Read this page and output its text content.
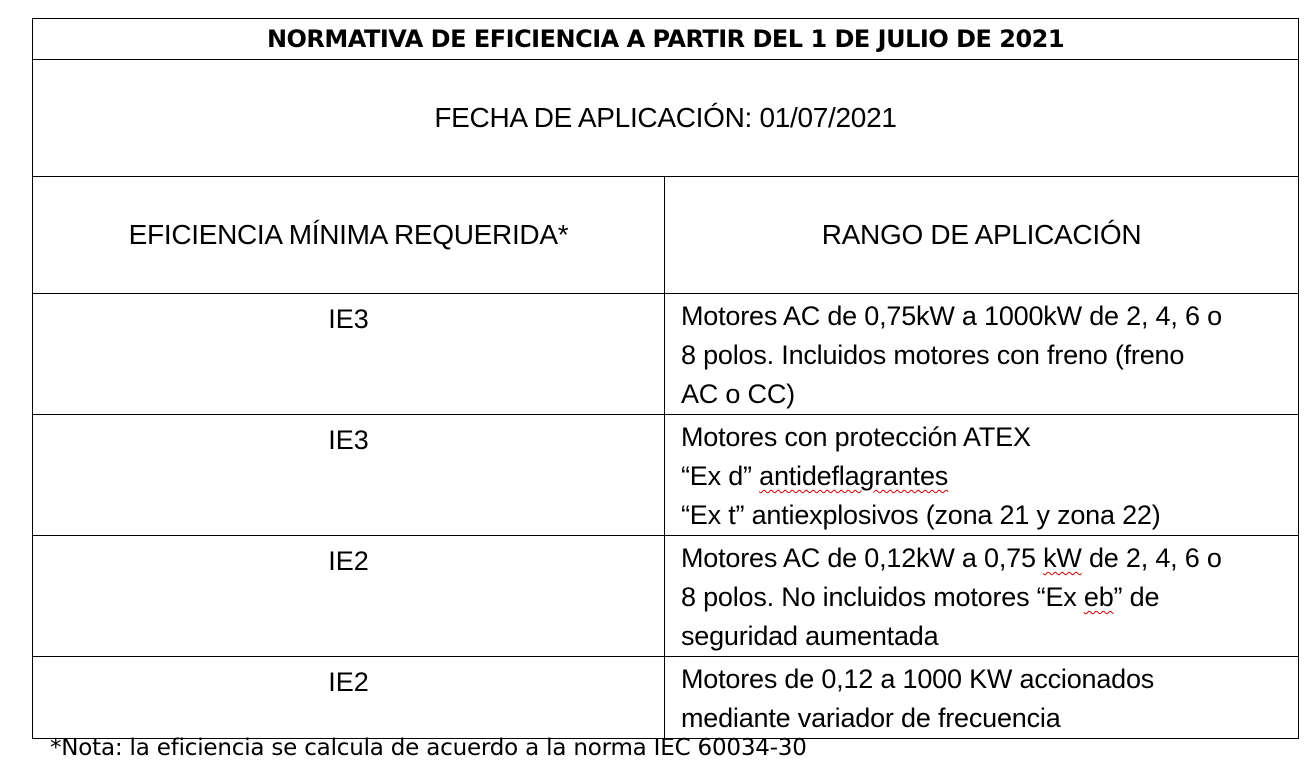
NORMATIVA DE EFICIENCIA A PARTIR DEL 1 DE JULIO DE 2021	
FECHA DE APLICACIÓN: 01/07/2021	
EFICIENCIA MÍNIMA REQUERIDA*	RANGO DE APLICACIÓN
IE3	Motores AC de 0,75kW a 1000kW de 2, 4, 6 o
8 polos. Incluidos motores con freno (freno
AC o CC)

IE3	Motores con protección ATEX
“Ex d” antideflagrantes
“Ex t” antiexplosivos (zona 21 y zona 22)

IE2	Motores AC de 0,12kW a 0,75 kW de 2, 4, 6 o
8 polos. No incluidos motores “Ex eb” de
seguridad aumentada

IE2	Motores de 0,12 a 1000 KW accionados
mediante variador de frecuencia
*Nota: la eficiencia se calcula de acuerdo a la norma IEC 60034-30
